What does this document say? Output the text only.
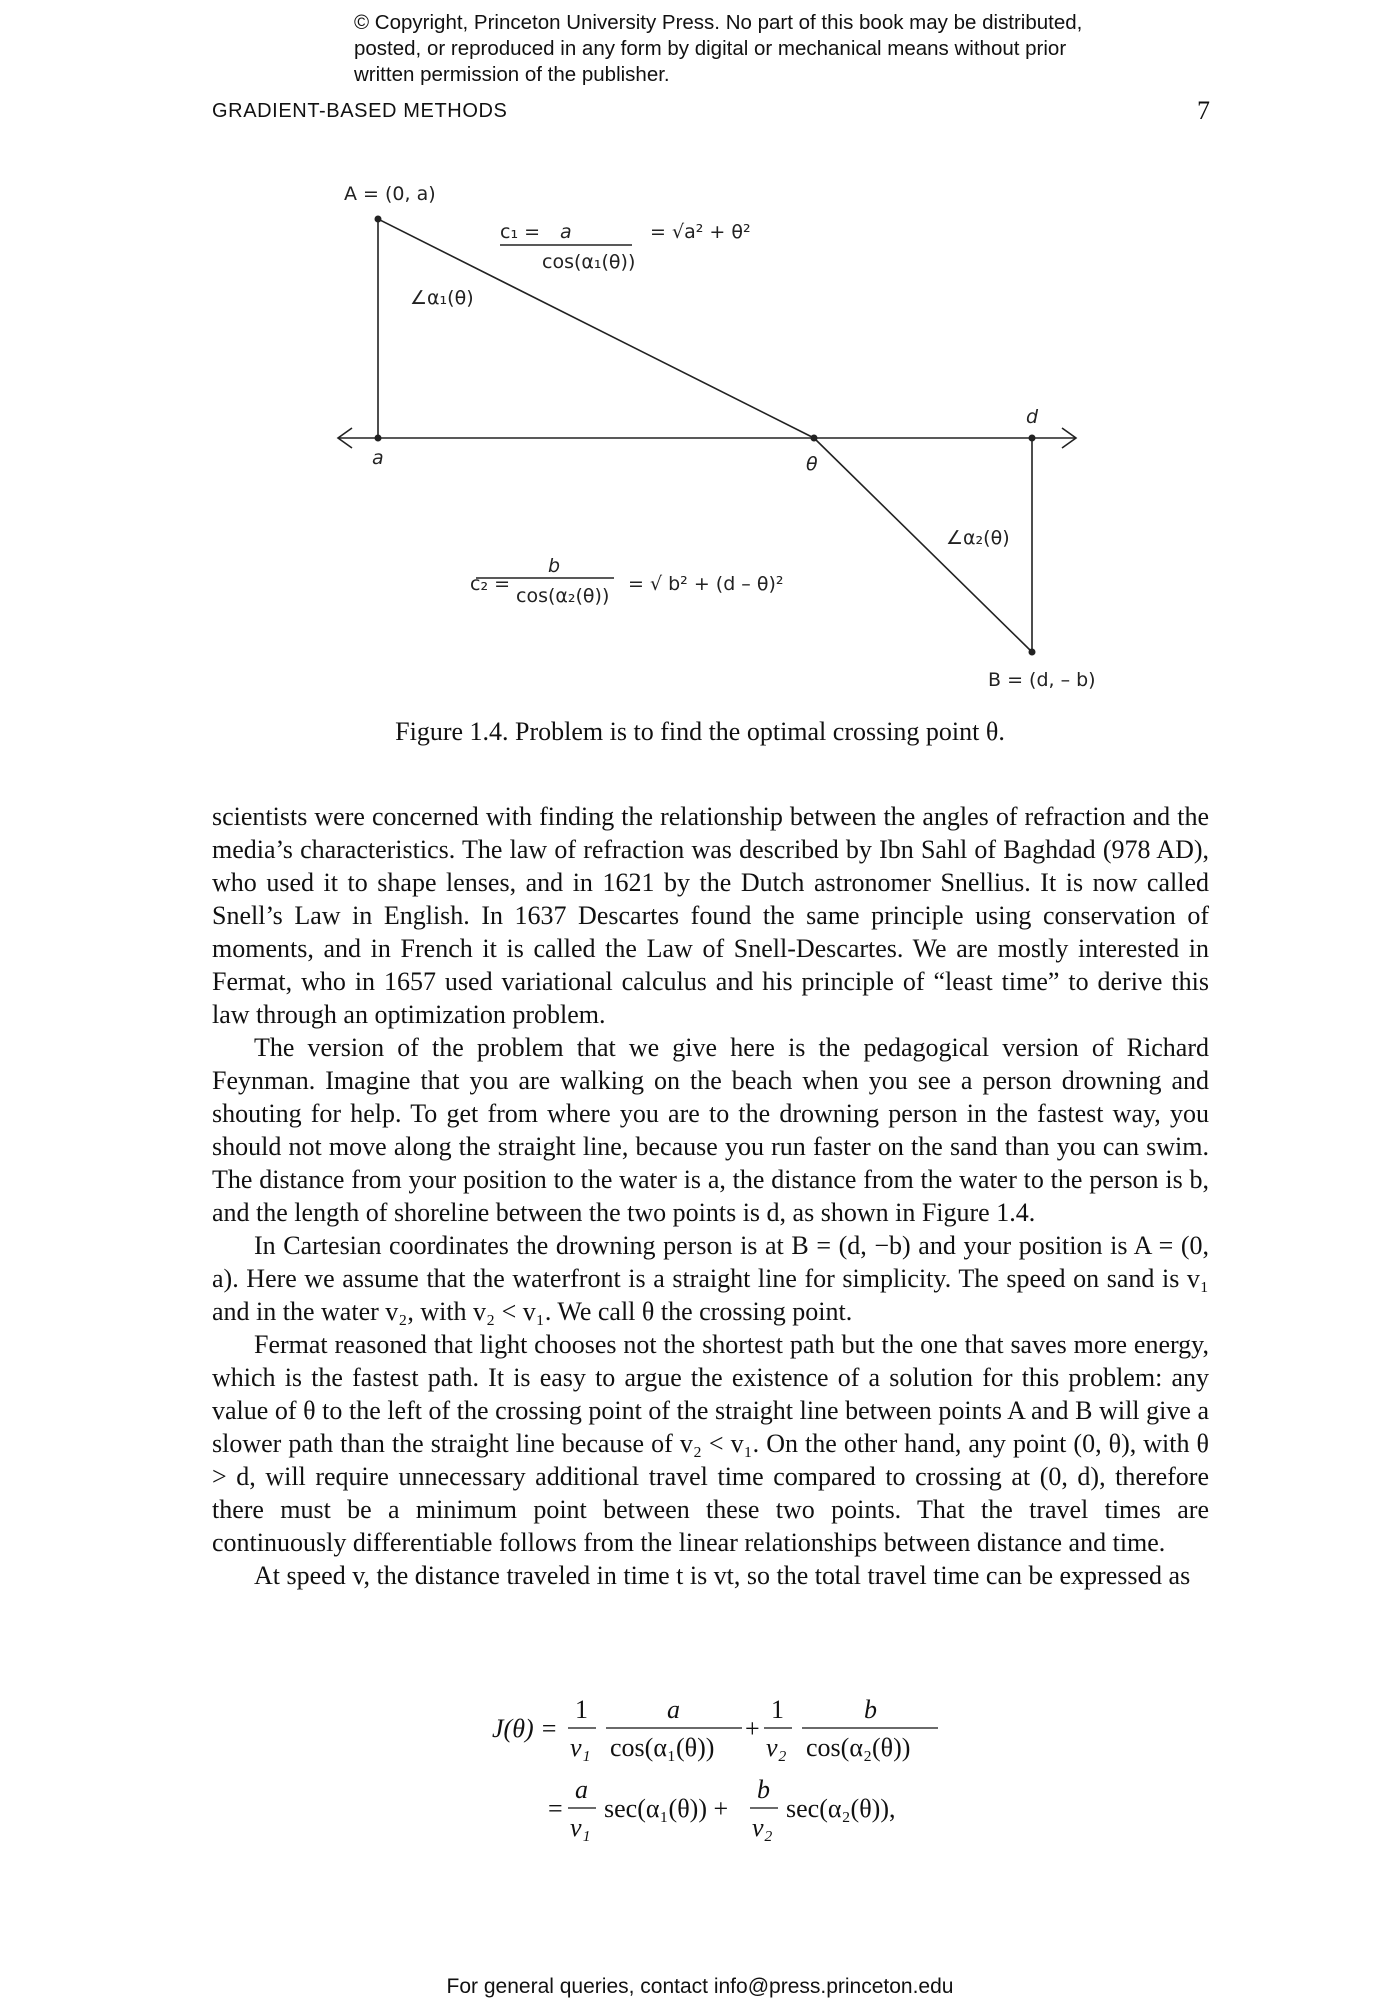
© Copyright, Princeton University Press. No part of this book may be distributed, posted, or reproduced in any form by digital or mechanical means without prior written permission of the publisher.
GRADIENT-BASED METHODS	7
A = (0, a)
a
d
θ
∠α₁(θ)
∠α₂(θ)
B = (d, – b)
c₁ = a
cos(α₁(θ))
= √a² + θ²
c₂ =
b
cos(α₂(θ))
= √ b² + (d – θ)²
Figure 1.4. Problem is to find the optimal crossing point θ.

scientists were concerned with finding the relationship between the angles of refraction and the media’s characteristics. The law of refraction was described by Ibn Sahl of Baghdad (978 AD), who used it to shape lenses, and in 1621 by the Dutch astronomer Snellius. It is now called Snell’s Law in English. In 1637 Descartes found the same principle using conservation of moments, and in French it is called the Law of Snell-Descartes. We are mostly interested in Fermat, who in 1657 used variational calculus and his principle of “least time” to derive this law through an optimization problem.

The version of the problem that we give here is the pedagogical version of Richard Feynman. Imagine that you are walking on the beach when you see a person drowning and shouting for help. To get from where you are to the drowning person in the fastest way, you should not move along the straight line, because you run faster on the sand than you can swim. The distance from your position to the water is a, the distance from the water to the person is b, and the length of shoreline between the two points is d, as shown in Figure 1.4.

In Cartesian coordinates the drowning person is at B = (d, −b) and your position is A = (0, a). Here we assume that the waterfront is a straight line for simplicity. The speed on sand is v₁ and in the water v₂, with v₂ < v₁. We call θ the crossing point.

Fermat reasoned that light chooses not the shortest path but the one that saves more energy, which is the fastest path. It is easy to argue the existence of a solution for this problem: any value of θ to the left of the crossing point of the straight line between points A and B will give a slower path than the straight line because of v₂ < v₁. On the other hand, any point (0, θ), with θ > d, will require unnecessary additional travel time compared to crossing at (0, d), therefore there must be a minimum point between these two points. That the travel times are continuously differentiable follows from the linear relationships between distance and time.

At speed v, the distance traveled in time t is vt, so the total travel time can be expressed as

J(θ) =
1
v₁
a
cos(α₁(θ))
+
1
v₂
b
cos(α₂(θ))
=
a
v₁
sec(α₁(θ)) +
b
v₂
sec(α₂(θ)),
For general queries, contact info@press.princeton.edu
